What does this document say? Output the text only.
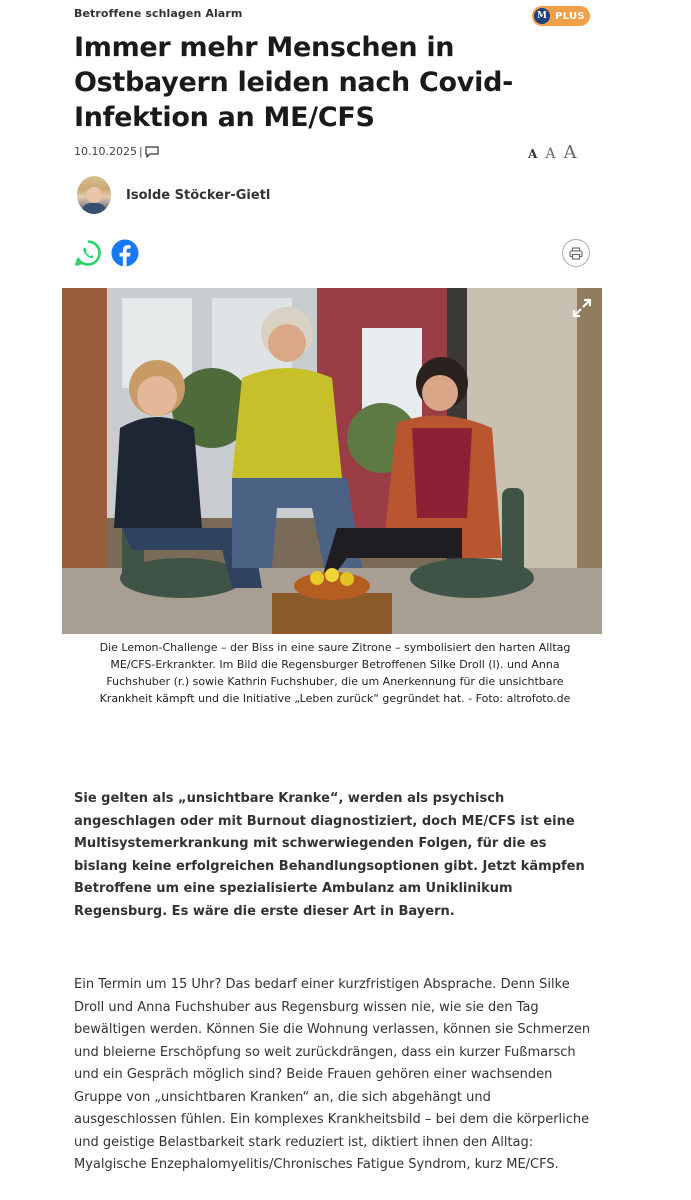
Betroffene schlagen Alarm	M PLUS
Immer mehr Menschen in Ostbayern leiden nach Covid-Infektion an ME/CFS
10.10.2025 |	A A A
Isolde Stöcker-Gietl

Die Lemon-Challenge – der Biss in eine saure Zitrone – symbolisiert den harten Alltag ME/CFS-Erkrankter. Im Bild die Regensburger Betroffenen Silke Droll (l). und Anna Fuchshuber (r.) sowie Kathrin Fuchshuber, die um Anerkennung für die unsichtbare Krankheit kämpft und die Initiative „Leben zurück“ gegründet hat. - Foto: altrofoto.de

Sie gelten als „unsichtbare Kranke“, werden als psychisch angeschlagen oder mit Burnout diagnostiziert, doch ME/CFS ist eine Multisystemerkrankung mit schwerwiegenden Folgen, für die es bislang keine erfolgreichen Behandlungsoptionen gibt. Jetzt kämpfen Betroffene um eine spezialisierte Ambulanz am Uniklinikum Regensburg. Es wäre die erste dieser Art in Bayern.

Ein Termin um 15 Uhr? Das bedarf einer kurzfristigen Absprache. Denn Silke Droll und Anna Fuchshuber aus Regensburg wissen nie, wie sie den Tag bewältigen werden. Können Sie die Wohnung verlassen, können sie Schmerzen und bleierne Erschöpfung so weit zurückdrängen, dass ein kurzer Fußmarsch und ein Gespräch möglich sind? Beide Frauen gehören einer wachsenden Gruppe von „unsichtbaren Kranken“ an, die sich abgehängt und ausgeschlossen fühlen. Ein komplexes Krankheitsbild – bei dem die körperliche und geistige Belastbarkeit stark reduziert ist, diktiert ihnen den Alltag: Myalgische Enzephalomyelitis/Chronisches Fatigue Syndrom, kurz ME/CFS.
